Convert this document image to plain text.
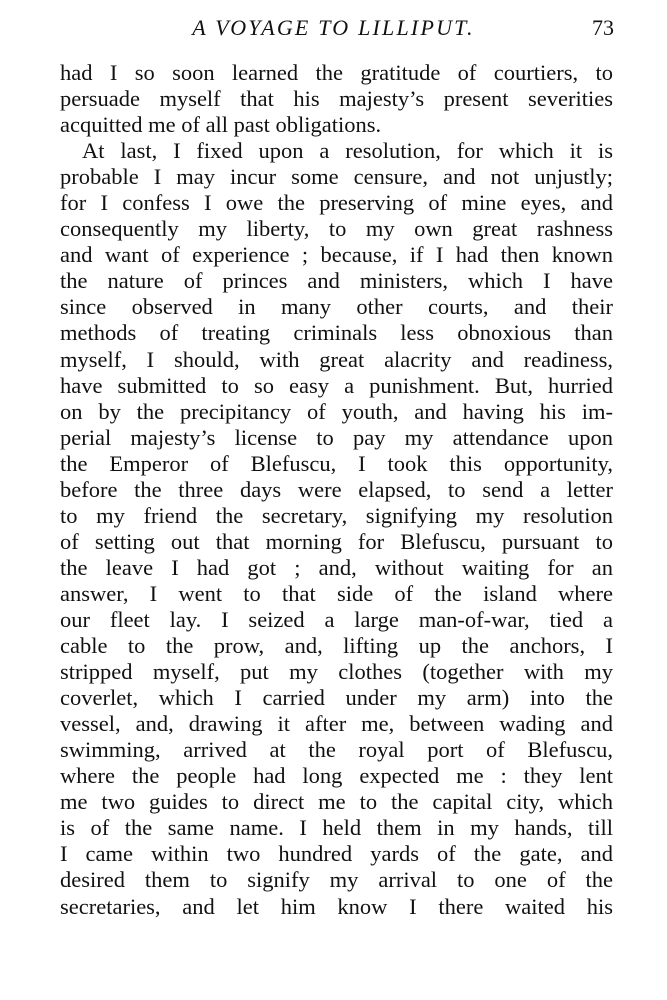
A VOYAGE TO LILLIPUT.	73
had I so soon learned the gratitude of courtiers, to
persuade myself that his majesty’s present severities
acquitted me of all past obligations.
At last, I fixed upon a resolution, for which it is
probable I may incur some censure, and not unjustly;
for I confess I owe the preserving of mine eyes, and
consequently my liberty, to my own great rashness
and want of experience ; because, if I had then known
the nature of princes and ministers, which I have
since observed in many other courts, and their
methods of treating criminals less obnoxious than
myself, I should, with great alacrity and readiness,
have submitted to so easy a punishment. But, hurried
on by the precipitancy of youth, and having his im-
perial majesty’s license to pay my attendance upon
the Emperor of Blefuscu, I took this opportunity,
before the three days were elapsed, to send a letter
to my friend the secretary, signifying my resolution
of setting out that morning for Blefuscu, pursuant to
the leave I had got ; and, without waiting for an
answer, I went to that side of the island where
our fleet lay. I seized a large man-of-war, tied a
cable to the prow, and, lifting up the anchors, I
stripped myself, put my clothes (together with my
coverlet, which I carried under my arm) into the
vessel, and, drawing it after me, between wading and
swimming, arrived at the royal port of Blefuscu,
where the people had long expected me : they lent
me two guides to direct me to the capital city, which
is of the same name. I held them in my hands, till
I came within two hundred yards of the gate, and
desired them to signify my arrival to one of the
secretaries, and let him know I there waited his
